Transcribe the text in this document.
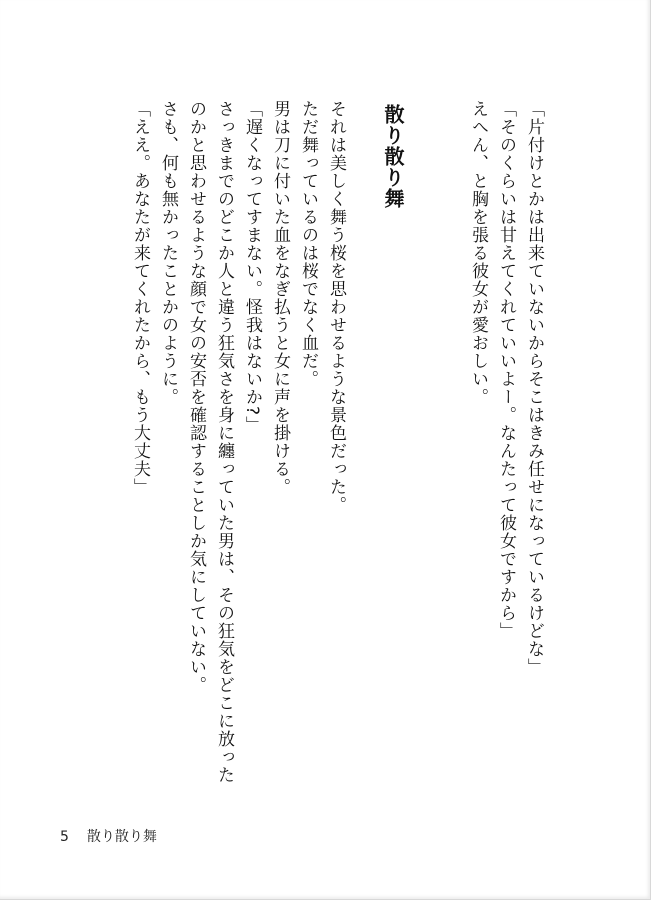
「片付けとかは出来ていないからそこはきみ任せになっているけどな」
「そのくらいは甘えてくれていいよー。なんたって彼女ですから」
えへん、と胸を張る彼女が愛おしい。
散り散り舞
それは美しく舞う桜を思わせるような景色だった。
ただ舞っているのは桜でなく血だ。
男は刀に付いた血をなぎ払うと女に声を掛ける。
「遅くなってすまない。怪我はないか?」
さっきまでのどこか人と違う狂気さを身に纏っていた男は、その狂気をどこに放った
のかと思わせるような顔で女の安否を確認することしか気にしていない。
さも、何も無かったことかのように。
「ええ。あなたが来てくれたから、もう大丈夫」
5 散り散り舞
